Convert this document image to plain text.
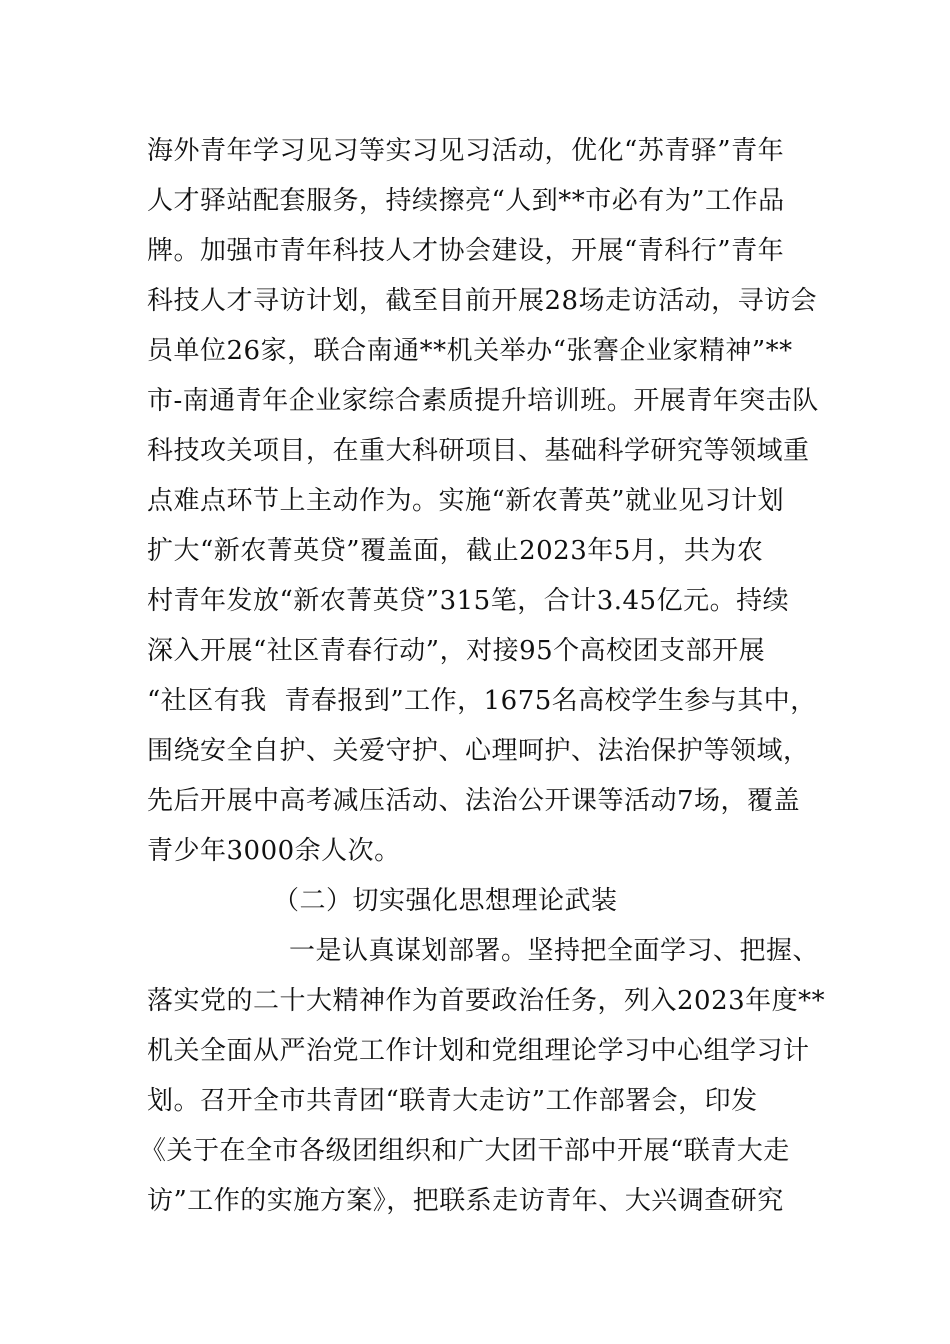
海外青年学习见习等实习见习活动，优化“苏青驿”青年
人才驿站配套服务，持续擦亮“人到**市必有为”工作品
牌。加强市青年科技人才协会建设，开展“青科行”青年
科技人才寻访计划，截至目前开展28场走访活动，寻访会
员单位26家，联合南通**机关举办“张謇企业家精神”**
市-南通青年企业家综合素质提升培训班。开展青年突击队
科技攻关项目，在重大科研项目、基础科学研究等领域重
点难点环节上主动作为。实施“新农菁英”就业见习计划
扩大“新农菁英贷”覆盖面，截止2023年5月，共为农
村青年发放“新农菁英贷”315笔，合计3.45亿元。持续
深入开展“社区青春行动”，对接95个高校团支部开展
“社区有我  青春报到”工作，1675名高校学生参与其中，
围绕安全自护、关爱守护、心理呵护、法治保护等领域，
先后开展中高考减压活动、法治公开课等活动7场，覆盖
青少年3000余人次。
（二）切实强化思想理论武装
一是认真谋划部署。坚持把全面学习、把握、
落实党的二十大精神作为首要政治任务，列入2023年度**
机关全面从严治党工作计划和党组理论学习中心组学习计
划。召开全市共青团“联青大走访”工作部署会，印发
《关于在全市各级团组织和广大团干部中开展“联青大走
访”工作的实施方案》，把联系走访青年、大兴调查研究
